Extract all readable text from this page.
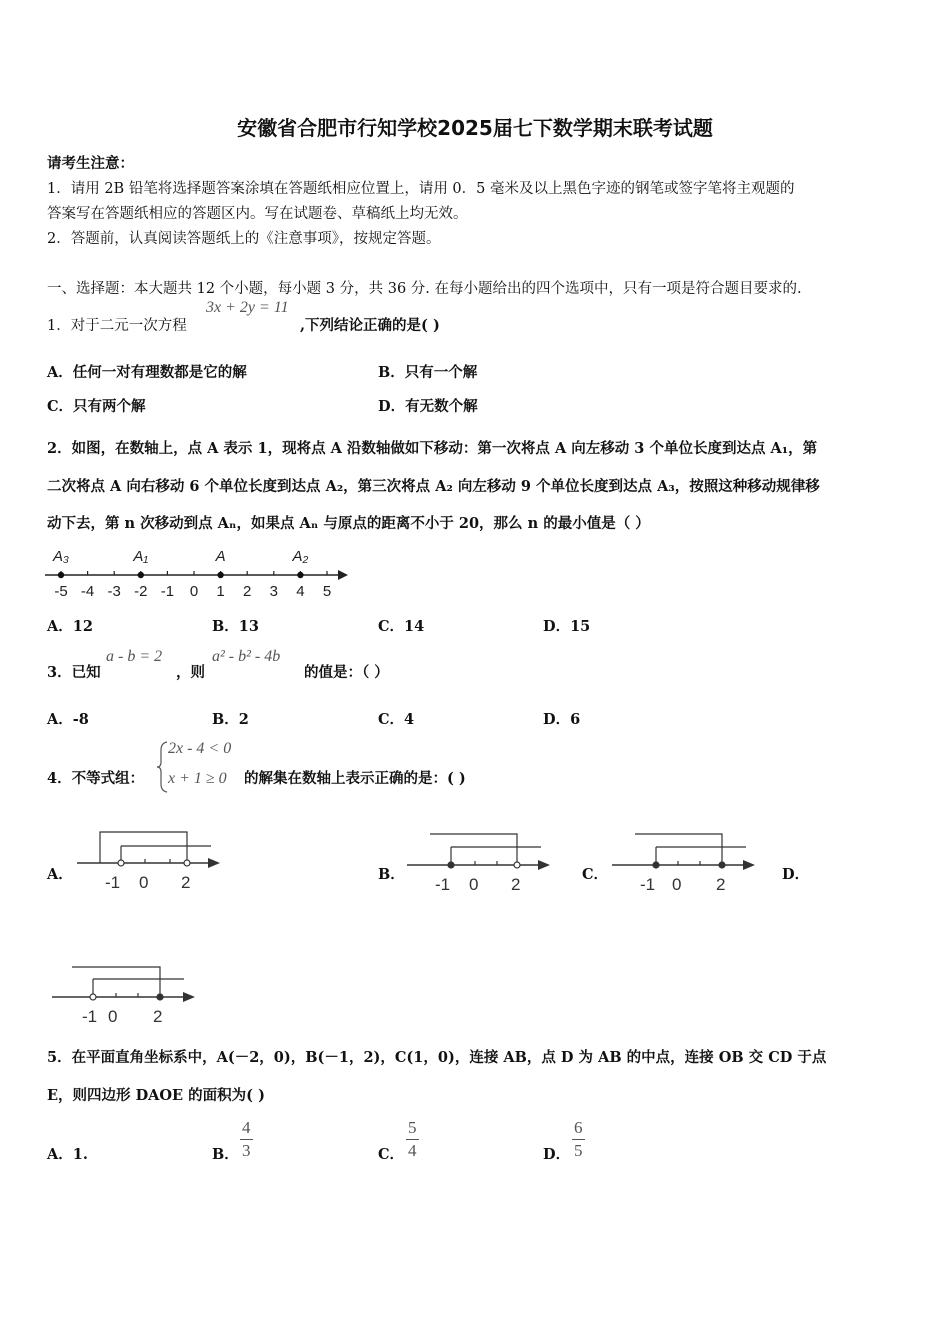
安徽省合肥市行知学校2025届七下数学期末联考试题
请考生注意：
1．请用 2B 铅笔将选择题答案涂填在答题纸相应位置上，请用 0．5 毫米及以上黑色字迹的钢笔或签字笔将主观题的
答案写在答题纸相应的答题区内。写在试题卷、草稿纸上均无效。
2．答题前，认真阅读答题纸上的《注意事项》，按规定答题。
一、选择题：本大题共 12 个小题，每小题 3 分，共 36 分. 在每小题给出的四个选项中，只有一项是符合题目要求的.
1．对于二元一次方程
3x + 2y = 11
,下列结论正确的是( )
A．任何一对有理数都是它的解	B．只有一个解
C．只有两个解	D．有无数个解
2．如图，在数轴上，点 A 表示 1，现将点 A 沿数轴做如下移动：第一次将点 A 向左移动 3 个单位长度到达点 A₁，第
二次将点 A 向右移动 6 个单位长度到达点 A₂，第三次将点 A₂ 向左移动 9 个单位长度到达点 A₃，按照这种移动规律移
动下去，第 n 次移动到点 Aₙ，如果点 Aₙ 与原点的距离不小于 20，那么 n 的最小值是（ ）
-5 -4 -3 -2 -1 0 1 2 3 4 5
A₃	A₁	A	A₂
A．12	B．13	C．14	D．15
3．已知
a - b = 2
，则
a² - b² - 4b
的值是：（ ）
A．-8	B．2	C．4	D．6
4．不等式组：
2x - 4 < 0
x + 1 ≥ 0 的解集在数轴上表示正确的是：( )
A．	B．	C．	D．
-1 0 2	-1 0 2	-1 0 2
-1 0 2
5．在平面直角坐标系中，A(－2，0)，B(－1，2)，C(1，0)，连接 AB，点 D 为 AB 的中点，连接 OB 交 CD 于点
E，则四边形 DAOE 的面积为( )
A．1.	B． $\frac{4}{3}$	C． $\frac{5}{4}$	D． $\frac{6}{5}$
